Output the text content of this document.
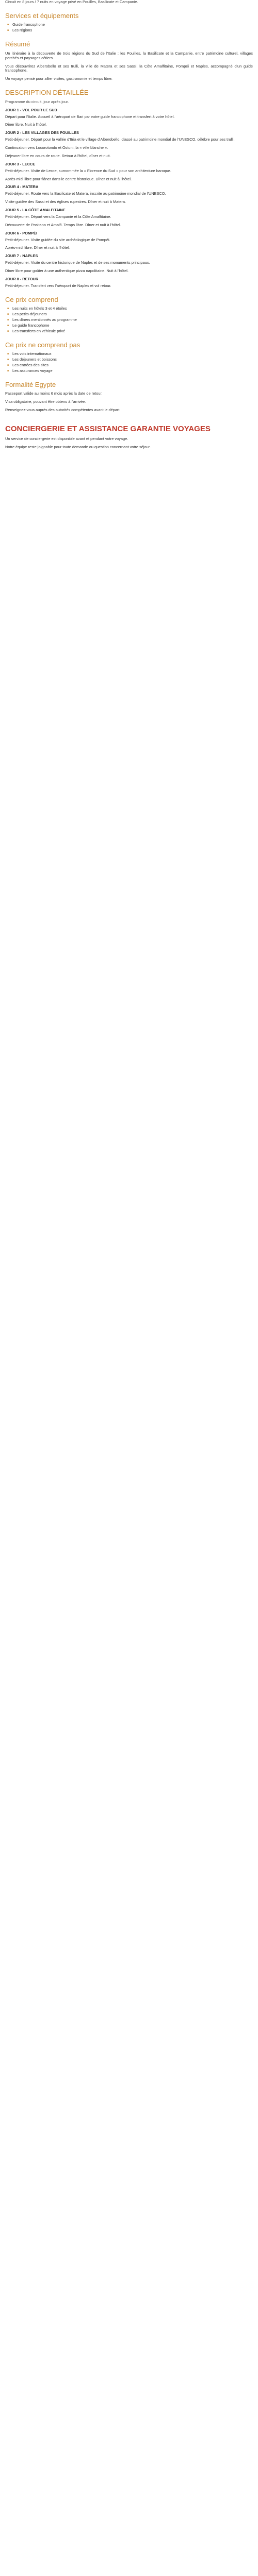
Circuit en 8 jours / 7 nuits en voyage privé en Pouilles, Basilicate et Campanie.

Services et équipements
■ Guide francophone
■ Les régions
Résumé

Un itinéraire à la découverte de trois régions du Sud de l'Italie : les Pouilles, la Basilicate et la Campanie, entre patrimoine culturel, villages perchés et paysages côtiers.

Vous découvrirez Alberobello et ses trulli, la ville de Matera et ses Sassi, la Côte Amalfitaine, Pompéi et Naples, accompagné d'un guide francophone.

Un voyage pensé pour allier visites, gastronomie et temps libre.

DESCRIPTION DÉTAILLÉE

Programme du circuit, jour après jour.

JOUR 1 - VOL POUR LE SUD

Départ pour l'Italie. Accueil à l'aéroport de Bari par votre guide francophone et transfert à votre hôtel.

Dîner libre. Nuit à l'hôtel.

JOUR 2 - LES VILLAGES DES POUILLES

Petit-déjeuner. Départ pour la vallée d'Itria et le village d'Alberobello, classé au patrimoine mondial de l'UNESCO, célèbre pour ses trulli.

Continuation vers Locorotondo et Ostuni, la « ville blanche ».

Déjeuner libre en cours de route. Retour à l'hôtel, dîner et nuit.

JOUR 3 - LECCE

Petit-déjeuner. Visite de Lecce, surnommée la « Florence du Sud » pour son architecture baroque.

Après-midi libre pour flâner dans le centre historique. Dîner et nuit à l'hôtel.

JOUR 4 - MATERA

Petit-déjeuner. Route vers la Basilicate et Matera, inscrite au patrimoine mondial de l'UNESCO.

Visite guidée des Sassi et des églises rupestres. Dîner et nuit à Matera.

JOUR 5 - LA CÔTE AMALFITAINE

Petit-déjeuner. Départ vers la Campanie et la Côte Amalfitaine.

Découverte de Positano et Amalfi. Temps libre. Dîner et nuit à l'hôtel.

JOUR 6 - POMPÉI

Petit-déjeuner. Visite guidée du site archéologique de Pompéi.

Après-midi libre. Dîner et nuit à l'hôtel.

JOUR 7 - NAPLES

Petit-déjeuner. Visite du centre historique de Naples et de ses monuments principaux.

Dîner libre pour goûter à une authentique pizza napolitaine. Nuit à l'hôtel.

JOUR 8 - RETOUR

Petit-déjeuner. Transfert vers l'aéroport de Naples et vol retour.

Ce prix comprend
■ Les nuits en hôtels 3 et 4 étoiles
■ Les petits-déjeuners
■ Les dîners mentionnés au programme
■ Le guide francophone
■ Les transferts en véhicule privé
Ce prix ne comprend pas
■ Les vols internationaux
■ Les déjeuners et boissons
■ Les entrées des sites
■ Les assurances voyage
Formalité Egypte

Passeport valide au moins 6 mois après la date de retour.

Visa obligatoire, pouvant être obtenu à l'arrivée.

Renseignez-vous auprès des autorités compétentes avant le départ.

CONCIERGERIE ET ASSISTANCE GARANTIE VOYAGES

Un service de conciergerie est disponible avant et pendant votre voyage.

Notre équipe reste joignable pour toute demande ou question concernant votre séjour.
